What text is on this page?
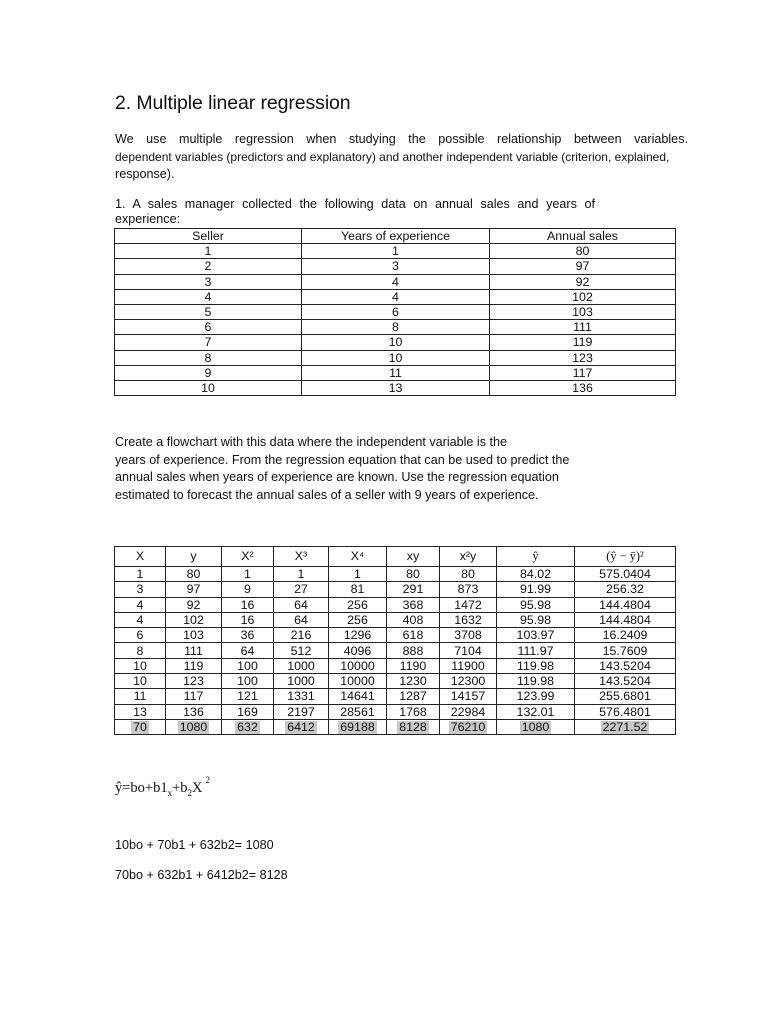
2. Multiple linear regression

We use multiple regression when studying the possible relationship between variables.
dependent variables (predictors and explanatory) and another independent variable (criterion, explained,
response).

1. A sales manager collected the following data on annual sales and years of
experience:

Seller	Years of experience	Annual sales
1	1	80
2	3	97
3	4	92
4	4	102
5	6	103
6	8	111
7	10	119
8	10	123
9	11	117
10	13	136

Create a flowchart with this data where the independent variable is the
years of experience. From the regression equation that can be used to predict the
annual sales when years of experience are known. Use the regression equation
estimated to forecast the annual sales of a seller with 9 years of experience.

X	y	X²	X³	X⁴	xy	x²y	ŷ	(ŷ − ȳ)²
1	80	1	1	1	80	80	84.02	575.0404
3	97	9	27	81	291	873	91.99	256.32
4	92	16	64	256	368	1472	95.98	144.4804
4	102	16	64	256	408	1632	95.98	144.4804
6	103	36	216	1296	618	3708	103.97	16.2409
8	111	64	512	4096	888	7104	111.97	15.7609
10	119	100	1000	10000	1190	11900	119.98	143.5204
10	123	100	1000	10000	1230	12300	119.98	143.5204
11	117	121	1331	14641	1287	14157	123.99	255.6801
13	136	169	2197	28561	1768	22984	132.01	576.4801
70	1080	632	6412	69188	8128	76210	1080	2271.52
$ŷ=bo+b1_x+b_2X$ $^2$
10bo + 70b1 + 632b2= 1080
70bo + 632b1 + 6412b2= 8128
